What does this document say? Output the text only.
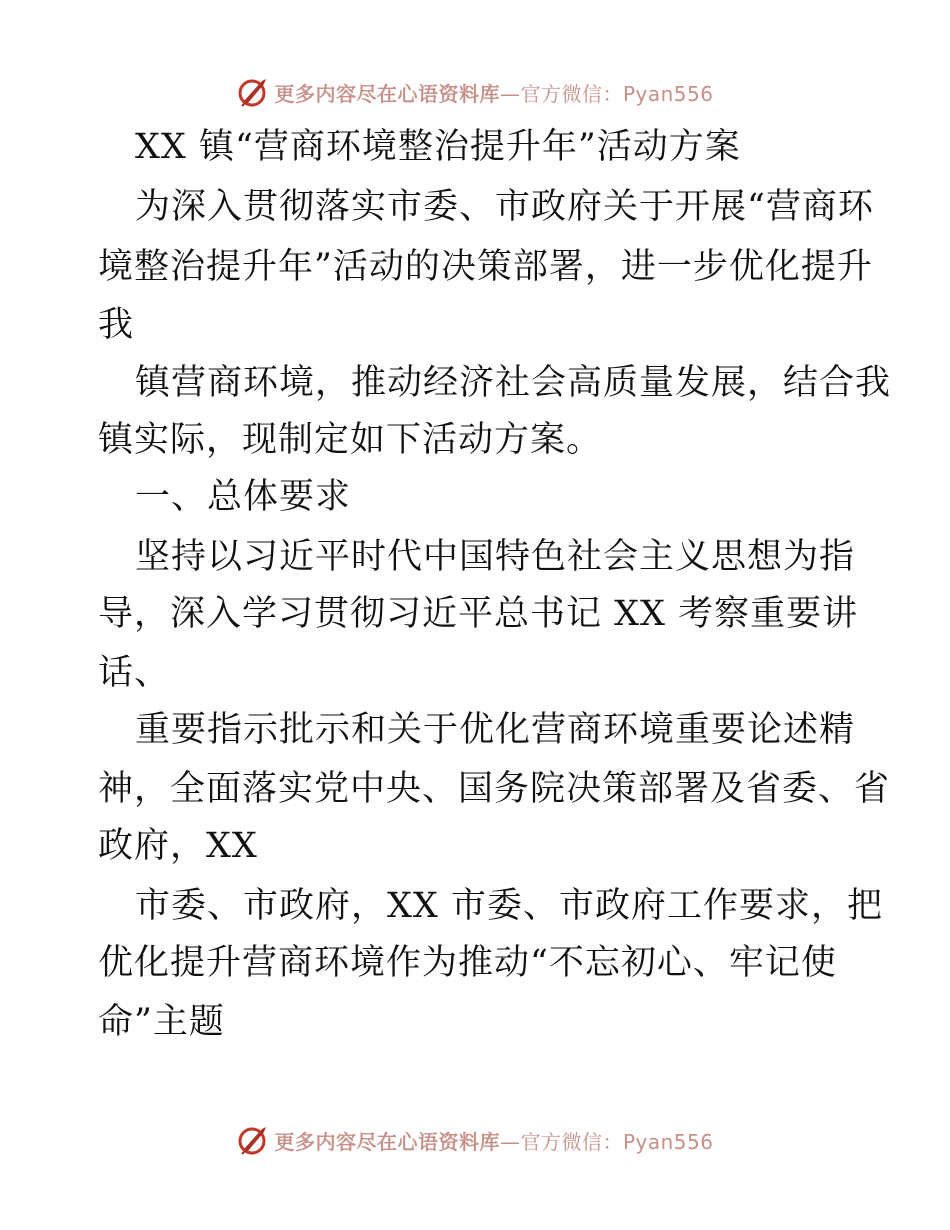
更多内容尽在心语资料库—官方微信：Pyan556
XX 镇“营商环境整治提升年”活动方案
为深入贯彻落实市委、市政府关于开展“营商环
境整治提升年”活动的决策部署，进一步优化提升
我
镇营商环境，推动经济社会高质量发展，结合我
镇实际，现制定如下活动方案。
一、总体要求
坚持以习近平时代中国特色社会主义思想为指
导，深入学习贯彻习近平总书记 XX 考察重要讲
话、
重要指示批示和关于优化营商环境重要论述精
神，全面落实党中央、国务院决策部署及省委、省
政府，XX
市委、市政府，XX 市委、市政府工作要求，把
优化提升营商环境作为推动“不忘初心、牢记使
命”主题
更多内容尽在心语资料库—官方微信：Pyan556
